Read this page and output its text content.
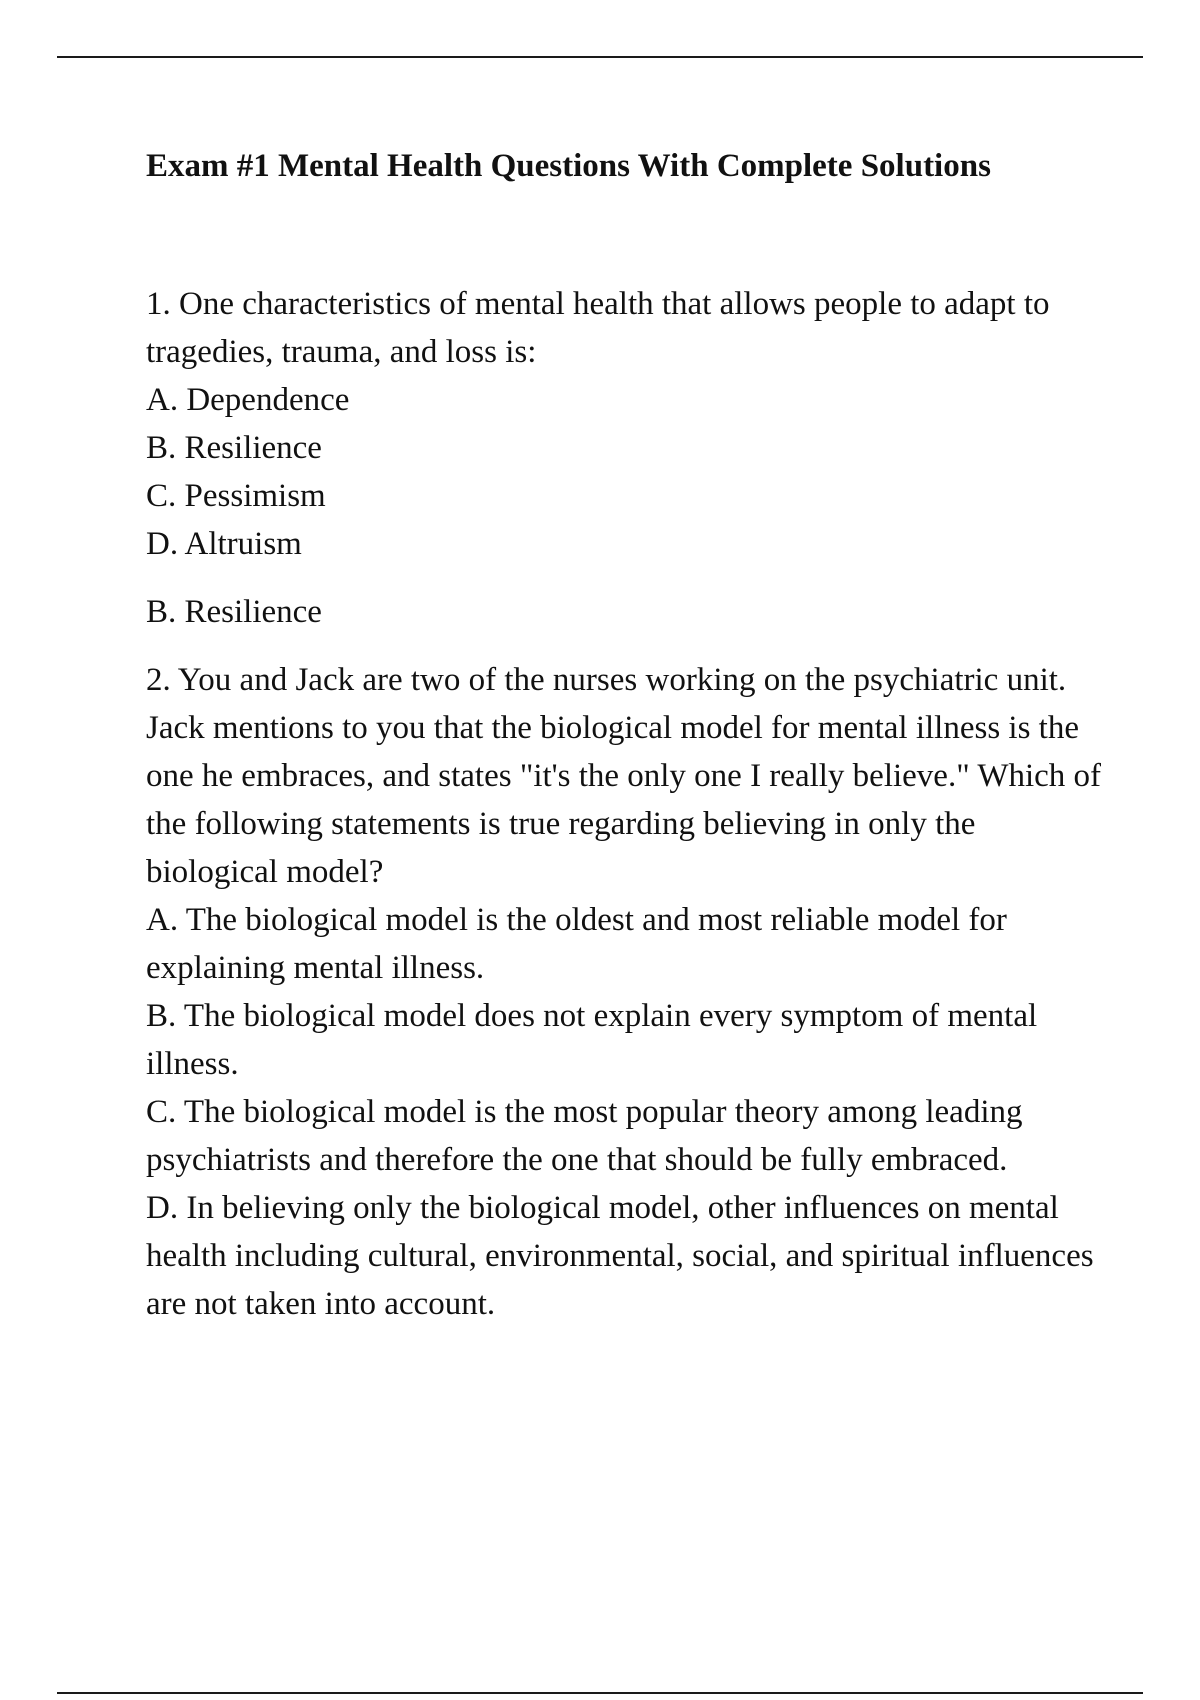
Exam #1 Mental Health Questions With Complete Solutions

1. One characteristics of mental health that allows people to adapt to tragedies, trauma, and loss is:

A. Dependence
B. Resilience
C. Pessimism
D. Altruism

B. Resilience

2. You and Jack are two of the nurses working on the psychiatric unit. Jack mentions to you that the biological model for mental illness is the one he embraces, and states "it's the only one I really believe." Which of the following statements is true regarding believing in only the biological model?

A. The biological model is the oldest and most reliable model for explaining mental illness.
B. The biological model does not explain every symptom of mental illness.
C. The biological model is the most popular theory among leading psychiatrists and therefore the one that should be fully embraced.
D. In believing only the biological model, other influences on mental health including cultural, environmental, social, and spiritual influences are not taken into account.
